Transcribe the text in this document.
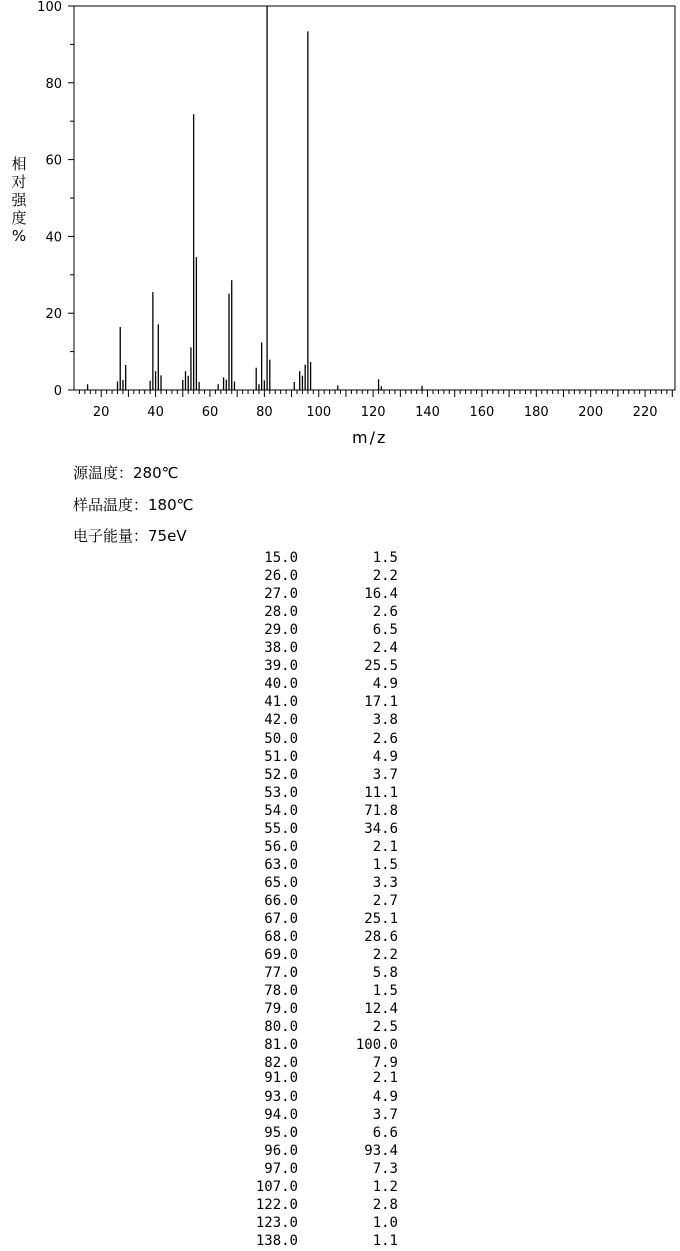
0
20
40
60
80
100
20	40	60	80	100 120 140 160 180 200 220
相
对
强
度
%
m/z
源温度：280℃
样品温度：180℃
电子能量：75eV
15.0	1.5
26.0	2.2
27.0	16.4
28.0	2.6
29.0	6.5
38.0	2.4
39.0	25.5
40.0	4.9
41.0	17.1
42.0	3.8
50.0	2.6
51.0	4.9
52.0	3.7
53.0	11.1
54.0	71.8
55.0	34.6
56.0	2.1
63.0	1.5
65.0	3.3
66.0	2.7
67.0	25.1
68.0	28.6
69.0	2.2
77.0	5.8
78.0	1.5
79.0	12.4
80.0	2.5
81.0	100.0
82.0	7.9
91.0	2.1
93.0	4.9
94.0	3.7
95.0	6.6
96.0	93.4
97.0	7.3
107.0	1.2
122.0	2.8
123.0	1.0
138.0	1.1
